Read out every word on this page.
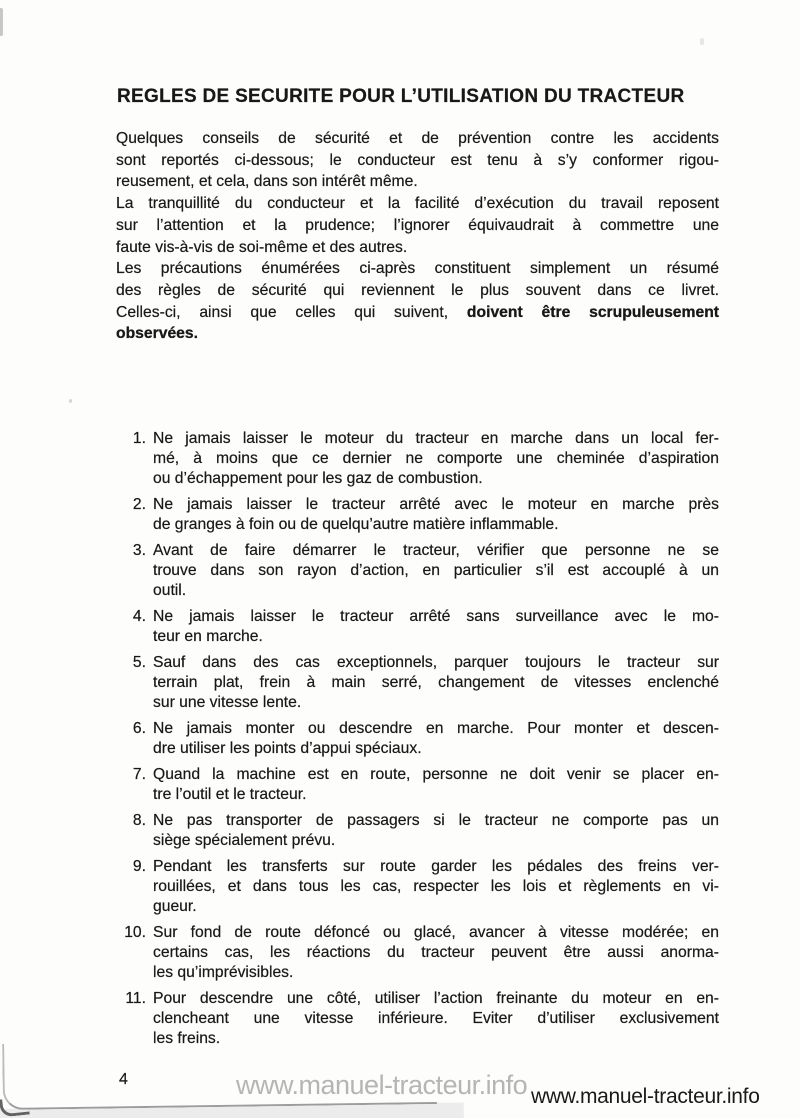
REGLES DE SECURITE POUR L’UTILISATION DU TRACTEUR
Quelques conseils de sécurité et de prévention contre les accidents
sont reportés ci-dessous; le conducteur est tenu à s’y conformer rigou-
reusement, et cela, dans son intérêt même.
La tranquillité du conducteur et la facilité d’exécution du travail reposent
sur l’attention et la prudence; l’ignorer équivaudrait à commettre une
faute vis-à-vis de soi-même et des autres.
Les précautions énumérées ci-après constituent simplement un résumé
des règles de sécurité qui reviennent le plus souvent dans ce livret.
Celles-ci, ainsi que celles qui suivent, doivent être scrupuleusement
observées.
1. Ne jamais laisser le moteur du tracteur en marche dans un local fer-
mé, à moins que ce dernier ne comporte une cheminée d’aspiration
ou d’échappement pour les gaz de combustion.
2. Ne jamais laisser le tracteur arrêté avec le moteur en marche près
de granges à foin ou de quelqu’autre matière inflammable.
3. Avant de faire démarrer le tracteur, vérifier que personne ne se
trouve dans son rayon d’action, en particulier s’il est accouplé à un
outil.
4. Ne jamais laisser le tracteur arrêté sans surveillance avec le mo-
teur en marche.
5. Sauf dans des cas exceptionnels, parquer toujours le tracteur sur
terrain plat, frein à main serré, changement de vitesses enclenché
sur une vitesse lente.
6. Ne jamais monter ou descendre en marche. Pour monter et descen-
dre utiliser les points d’appui spéciaux.
7. Quand la machine est en route, personne ne doit venir se placer en-
tre l’outil et le tracteur.
8. Ne pas transporter de passagers si le tracteur ne comporte pas un
siège spécialement prévu.
9. Pendant les transferts sur route garder les pédales des freins ver-
rouillées, et dans tous les cas, respecter les lois et règlements en vi-
gueur.
10. Sur fond de route défoncé ou glacé, avancer à vitesse modérée; en
certains cas, les réactions du tracteur peuvent être aussi anorma-
les qu’imprévisibles.
11. Pour descendre une côté, utiliser l’action freinante du moteur en en-
clencheant une vitesse inférieure. Eviter d’utiliser exclusivement
les freins.
4	www.manuel-tracteur.info www.manuel-tracteur.info
